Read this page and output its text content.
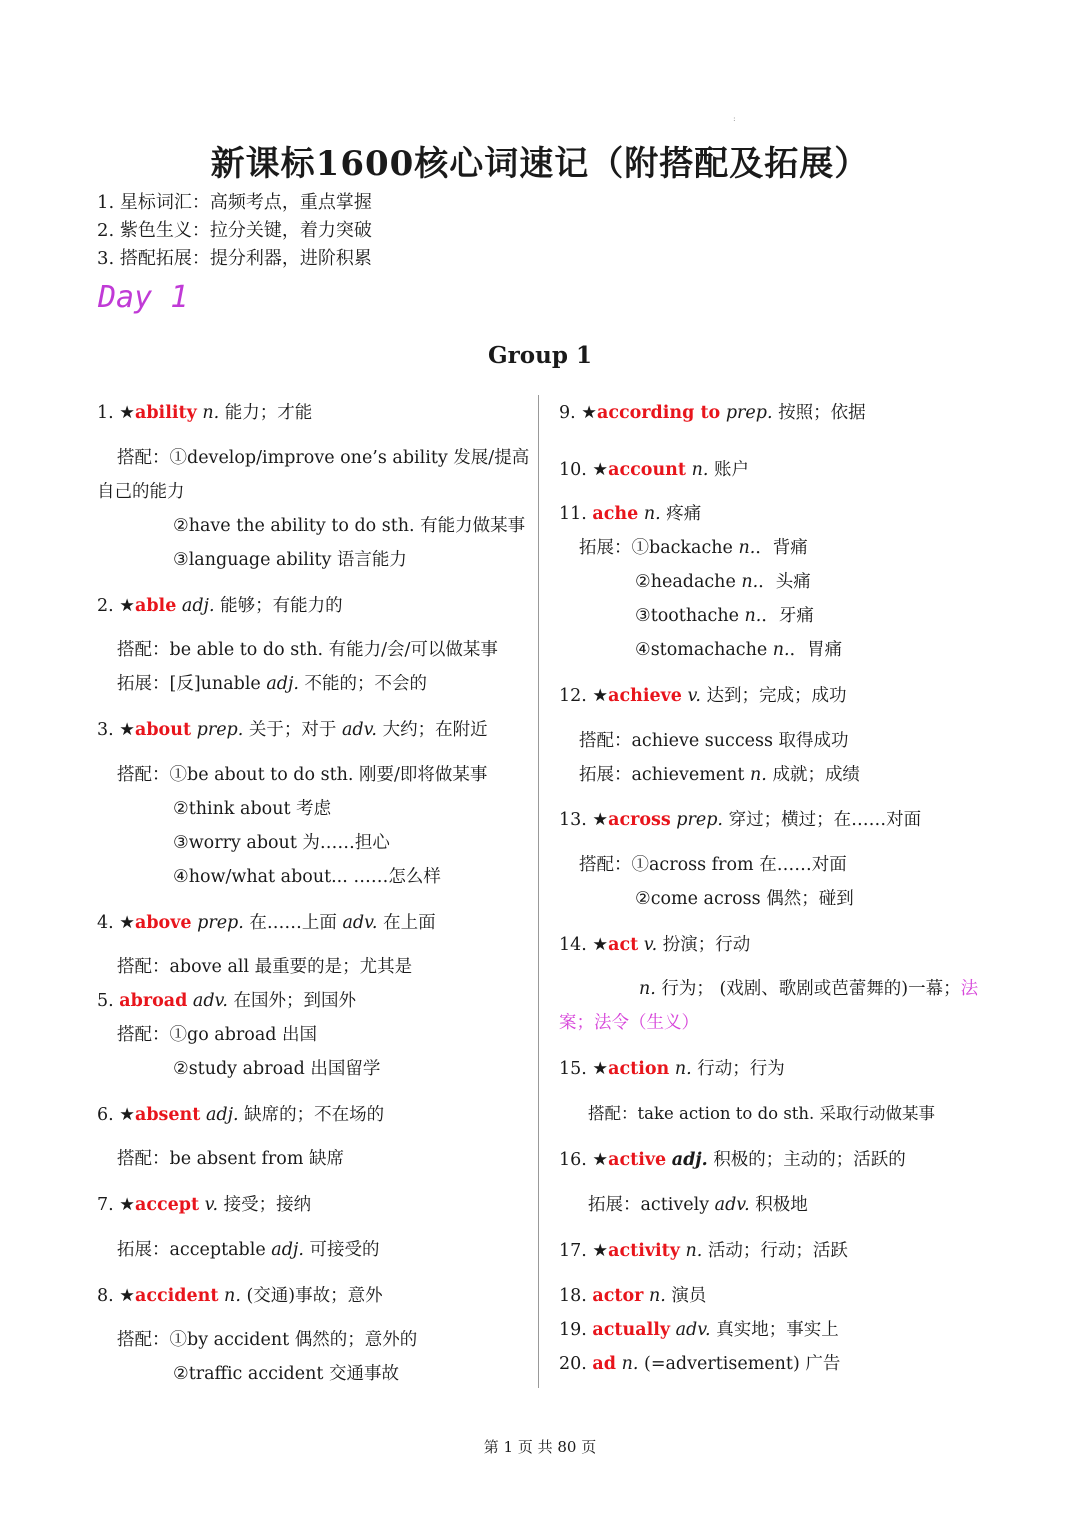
:
新课标1600核心词速记（附搭配及拓展）
1. 星标词汇：高频考点，重点掌握
2. 紫色生义：拉分关键，着力突破
3. 搭配拓展：提分利器，进阶积累
Day 1
Group 1
1. ★ability n. 能力；才能
搭配：①develop/improve one’s ability 发展/提高
自己的能力
②have the ability to do sth. 有能力做某事
③language ability 语言能力
2. ★able adj. 能够；有能力的
搭配：be able to do sth. 有能力/会/可以做某事
拓展：[反]unable adj. 不能的；不会的
3. ★about prep. 关于；对于 adv. 大约；在附近
搭配：①be about to do sth. 刚要/即将做某事
②think about 考虑
③worry about 为……担心
④how/what about... ……怎么样
4. ★above prep. 在……上面 adv. 在上面
搭配：above all 最重要的是；尤其是
5. abroad adv. 在国外；到国外
搭配：①go abroad 出国
②study abroad 出国留学
6. ★absent adj. 缺席的；不在场的
搭配：be absent from 缺席
7. ★accept v. 接受；接纳
拓展：acceptable adj. 可接受的
8. ★accident n. (交通)事故；意外
搭配：①by accident 偶然的；意外的
②traffic accident 交通事故
9. ★according to prep. 按照；依据
10. ★account n. 账户
11. ache n. 疼痛
拓展：①backache n.．背痛
②headache n.．头痛
③toothache n.．牙痛
④stomachache n.．胃痛
12. ★achieve v. 达到；完成；成功
搭配：achieve success 取得成功
拓展：achievement n. 成就；成绩
13. ★across prep. 穿过；横过；在……对面
搭配：①across from 在……对面
②come across 偶然；碰到
14. ★act v. 扮演；行动
n. 行为； (戏剧、歌剧或芭蕾舞的)一幕；法
案；法令（生义）
15. ★action n. 行动；行为
搭配：take action to do sth. 采取行动做某事
16. ★active adj. 积极的；主动的；活跃的
拓展：actively adv. 积极地
17. ★activity n. 活动；行动；活跃
18. actor n. 演员
19. actually adv. 真实地；事实上
20. ad n. (=advertisement) 广告
第 1 页 共 80 页
